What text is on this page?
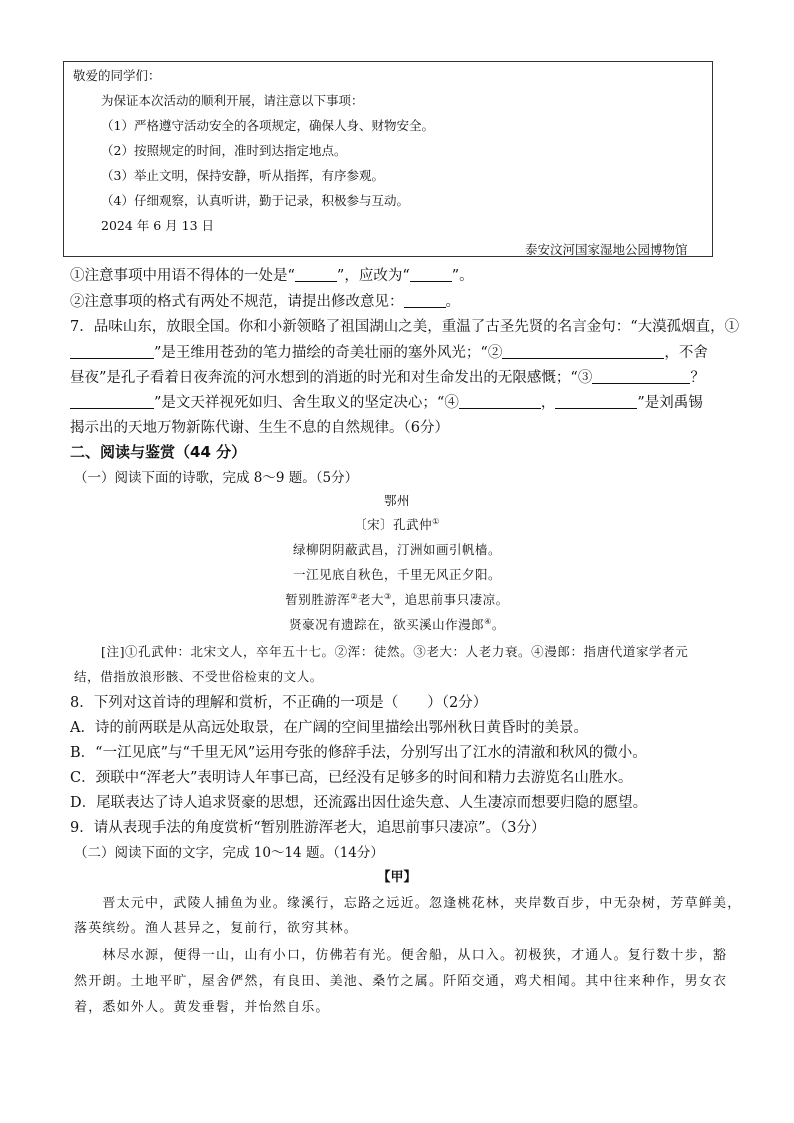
敬爱的同学们：
为保证本次活动的顺利开展，请注意以下事项：
（1）严格遵守活动安全的各项规定，确保人身、财物安全。
（2）按照规定的时间，准时到达指定地点。
（3）举止文明，保持安静，听从指挥，有序参观。
（4）仔细观察，认真听讲，勤于记录，积极参与互动。
2024 年 6 月 13 日
泰安汶河国家湿地公园博物馆
①注意事项中用语不得体的一处是“	”，应改为“	”。
②注意事项的格式有两处不规范，请提出修改意见：	。
7．品味山东，放眼全国。你和小新领略了祖国湖山之美，重温了古圣先贤的名言金句：“大漠孤烟直，①
”是王维用苍劲的笔力描绘的奇美壮丽的塞外风光；“②	，不舍
昼夜”是孔子看着日夜奔流的河水想到的消逝的时光和对生命发出的无限感慨；“③	？
”是文天祥视死如归、舍生取义的坚定决心；“④	，	”是刘禹锡
揭示出的天地万物新陈代谢、生生不息的自然规律。（6分）
二、阅读与鉴赏（44 分）
（一）阅读下面的诗歌，完成 8～9 题。（5分）
鄂州
〔宋〕孔武仲①
绿柳阴阴蔽武昌，汀洲如画引帆樯。
一江见底自秋色，千里无风正夕阳。
暂别胜游浑②老大③，追思前事只凄凉。
贤豪况有遗踪在，欲买溪山作漫郎④。
[注]①孔武仲：北宋文人，卒年五十七。②浑：徒然。③老大：人老力衰。④漫郎：指唐代道家学者元
结，借指放浪形骸、不受世俗检束的文人。
8．下列对这首诗的理解和赏析，不正确的一项是（　　）（2分）
A．诗的前两联是从高远处取景，在广阔的空间里描绘出鄂州秋日黄昏时的美景。
B．“一江见底”与“千里无风”运用夸张的修辞手法，分别写出了江水的清澈和秋风的微小。
C．颈联中“浑老大”表明诗人年事已高，已经没有足够多的时间和精力去游览名山胜水。
D．尾联表达了诗人追求贤豪的思想，还流露出因仕途失意、人生凄凉而想要归隐的愿望。
9．请从表现手法的角度赏析“暂别胜游浑老大，追思前事只凄凉”。（3分）
（二）阅读下面的文字，完成 10～14 题。（14分）
【甲】
　　晋太元中，武陵人捕鱼为业。缘溪行，忘路之远近。忽逢桃花林，夹岸数百步，中无杂树，芳草鲜美，
落英缤纷。渔人甚异之，复前行，欲穷其林。
　　林尽水源，便得一山，山有小口，仿佛若有光。便舍船，从口入。初极狭，才通人。复行数十步，豁
然开朗。土地平旷，屋舍俨然，有良田、美池、桑竹之属。阡陌交通，鸡犬相闻。其中往来种作，男女衣
着，悉如外人。黄发垂髫，并怡然自乐。
